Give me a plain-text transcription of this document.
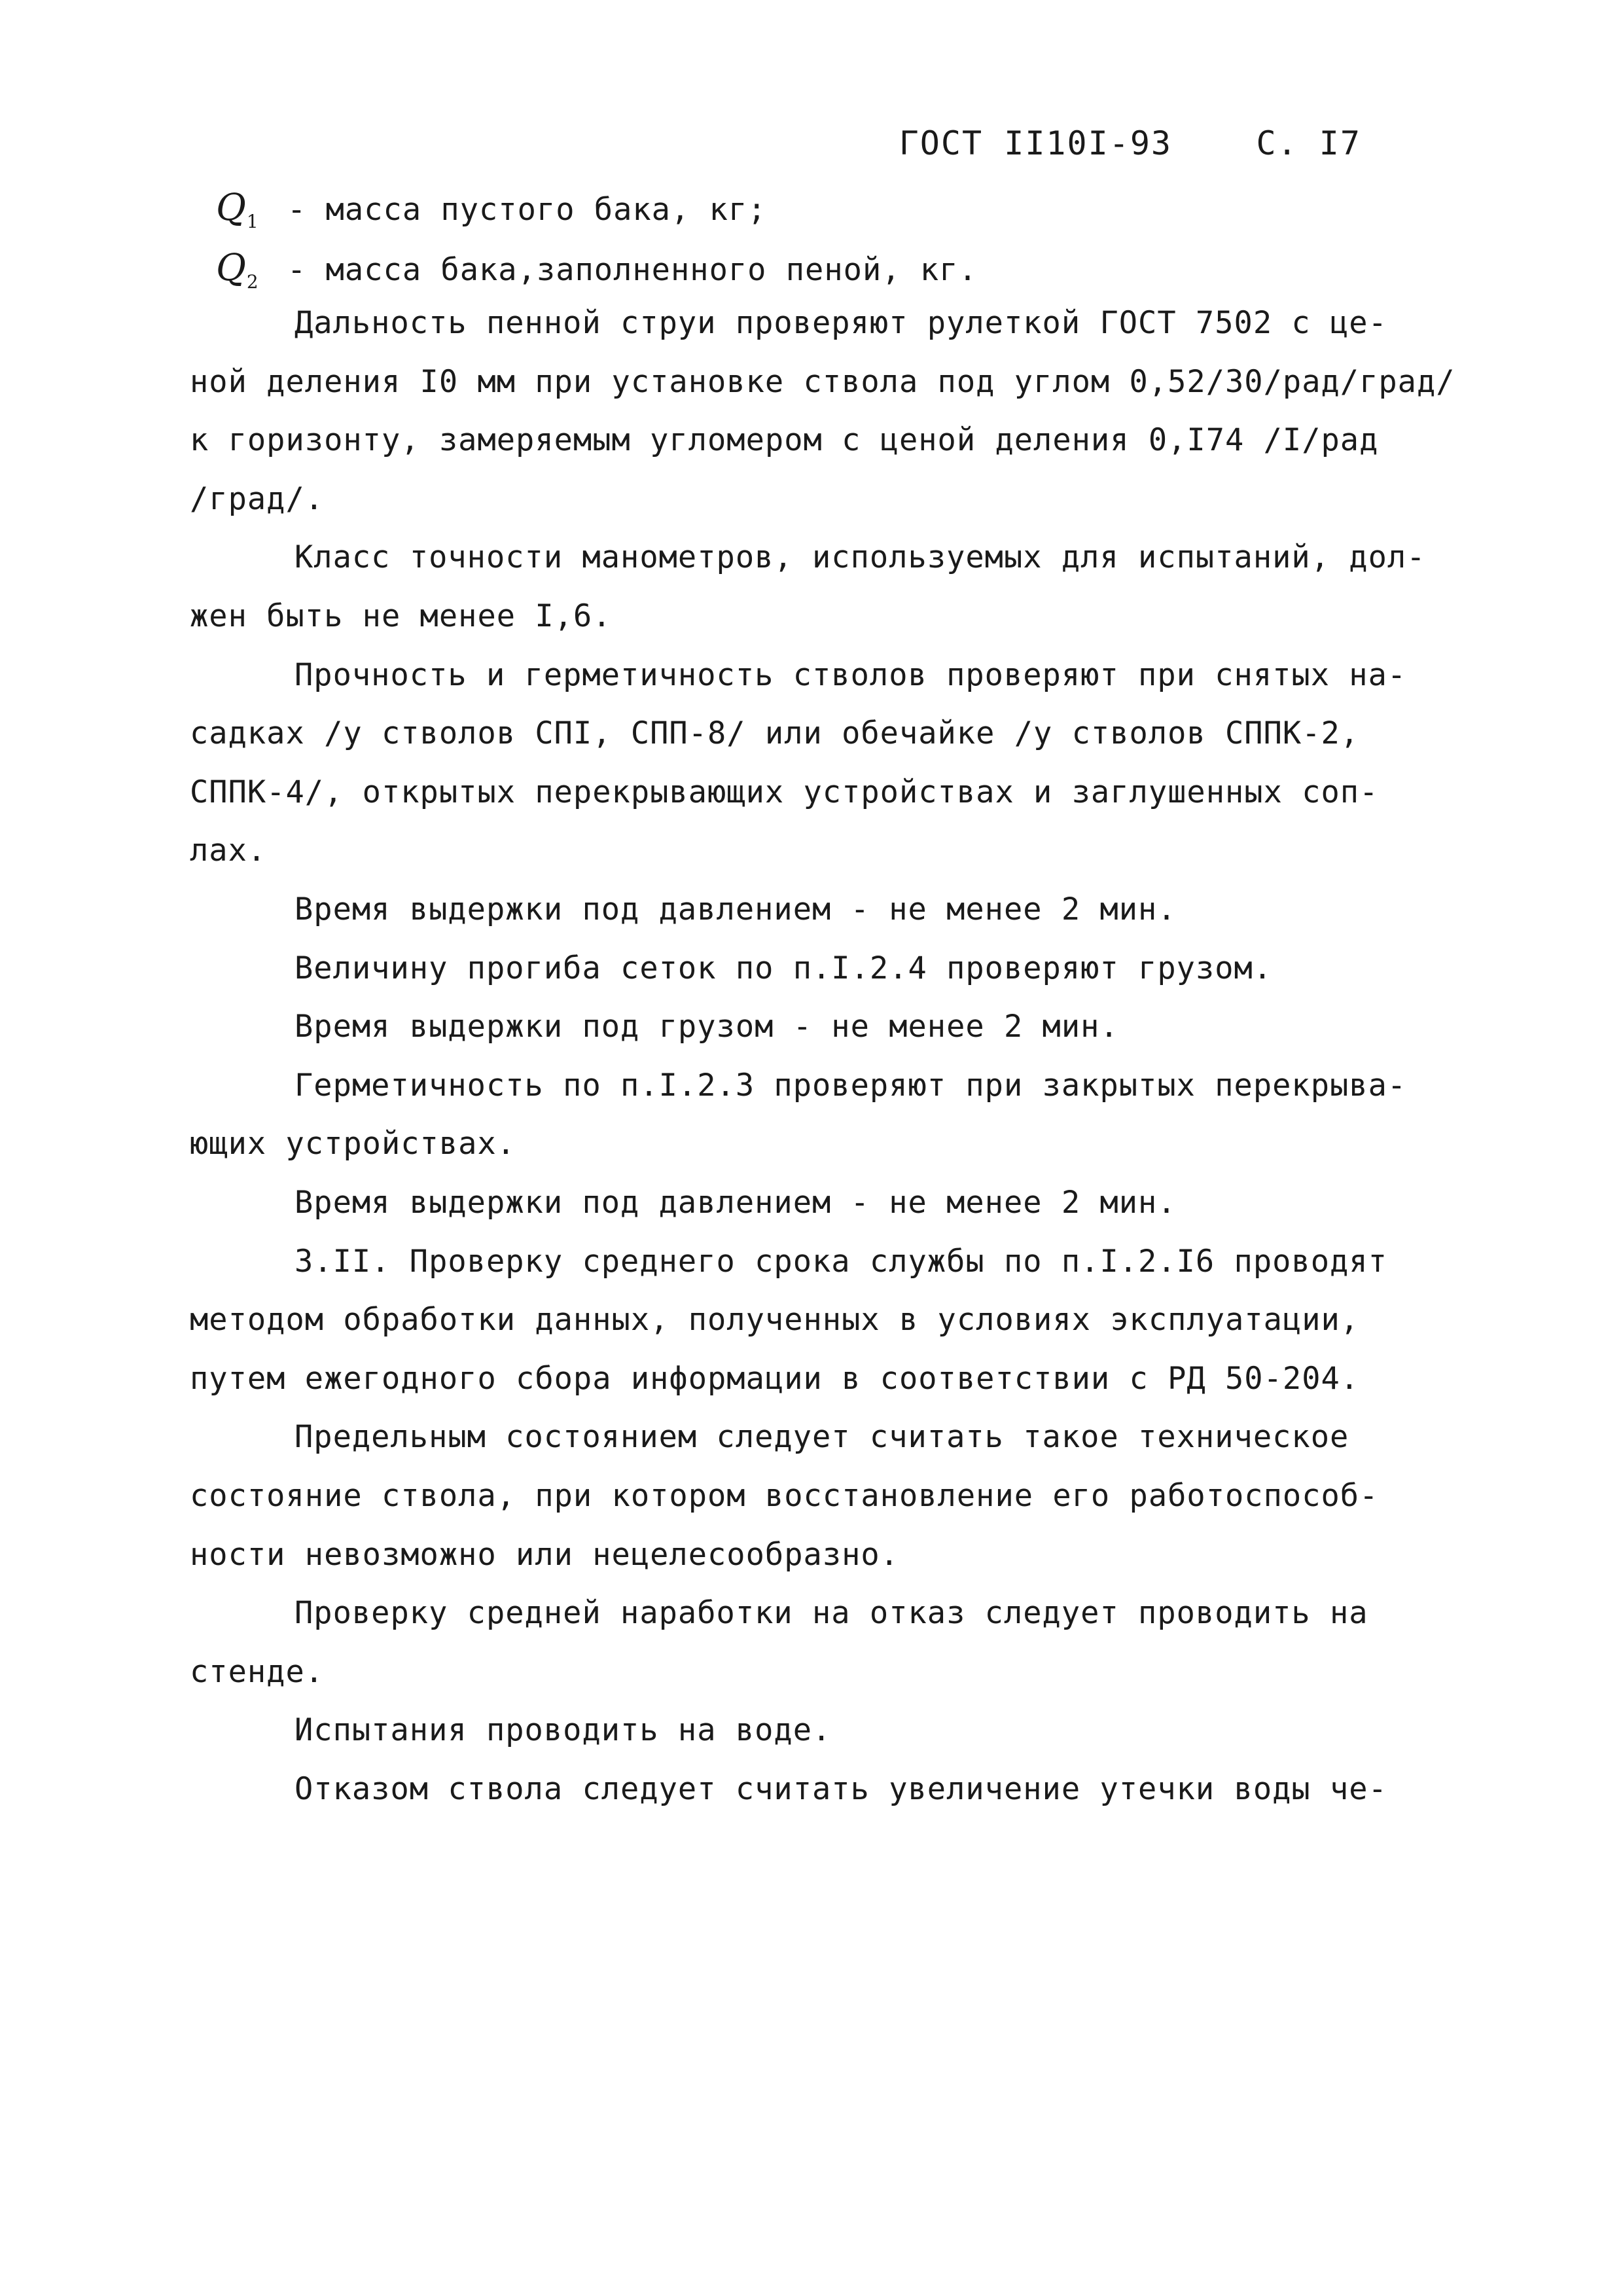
ГОСТ II10I-93	С. I7
$Q_1$ - масса пустого бака, кг;
$Q_2$ - масса бака,заполненного пеной, кг.
Дальность пенной струи проверяют рулеткой ГОСТ 7502 с це-
ной деления I0 мм при установке ствола под углом 0,52/30/рад/град/
к горизонту, замеряемым угломером с ценой деления 0,I74 /I/рад
/град/.
Класс точности манометров, используемых для испытаний, дол-
жен быть не менее I,6.
Прочность и герметичность стволов проверяют при снятых на-
садках /у стволов СПI, СПП-8/ или обечайке /у стволов СППК-2,
СППК-4/, открытых перекрывающих устройствах и заглушенных соп-
лах.
Время выдержки под давлением - не менее 2 мин.
Величину прогиба сеток по п.I.2.4 проверяют грузом.
Время выдержки под грузом - не менее 2 мин.
Герметичность по п.I.2.3 проверяют при закрытых перекрыва-
ющих устройствах.
Время выдержки под давлением - не менее 2 мин.
3.II. Проверку среднего срока службы по п.I.2.I6 проводят
методом обработки данных, полученных в условиях эксплуатации,
путем ежегодного сбора информации в соответствии с РД 50-204.
Предельным состоянием следует считать такое техническое
состояние ствола, при котором восстановление его работоспособ-
ности невозможно или нецелесообразно.
Проверку средней наработки на отказ следует проводить на
стенде.
Испытания проводить на воде.
Отказом ствола следует считать увеличение утечки воды че-
